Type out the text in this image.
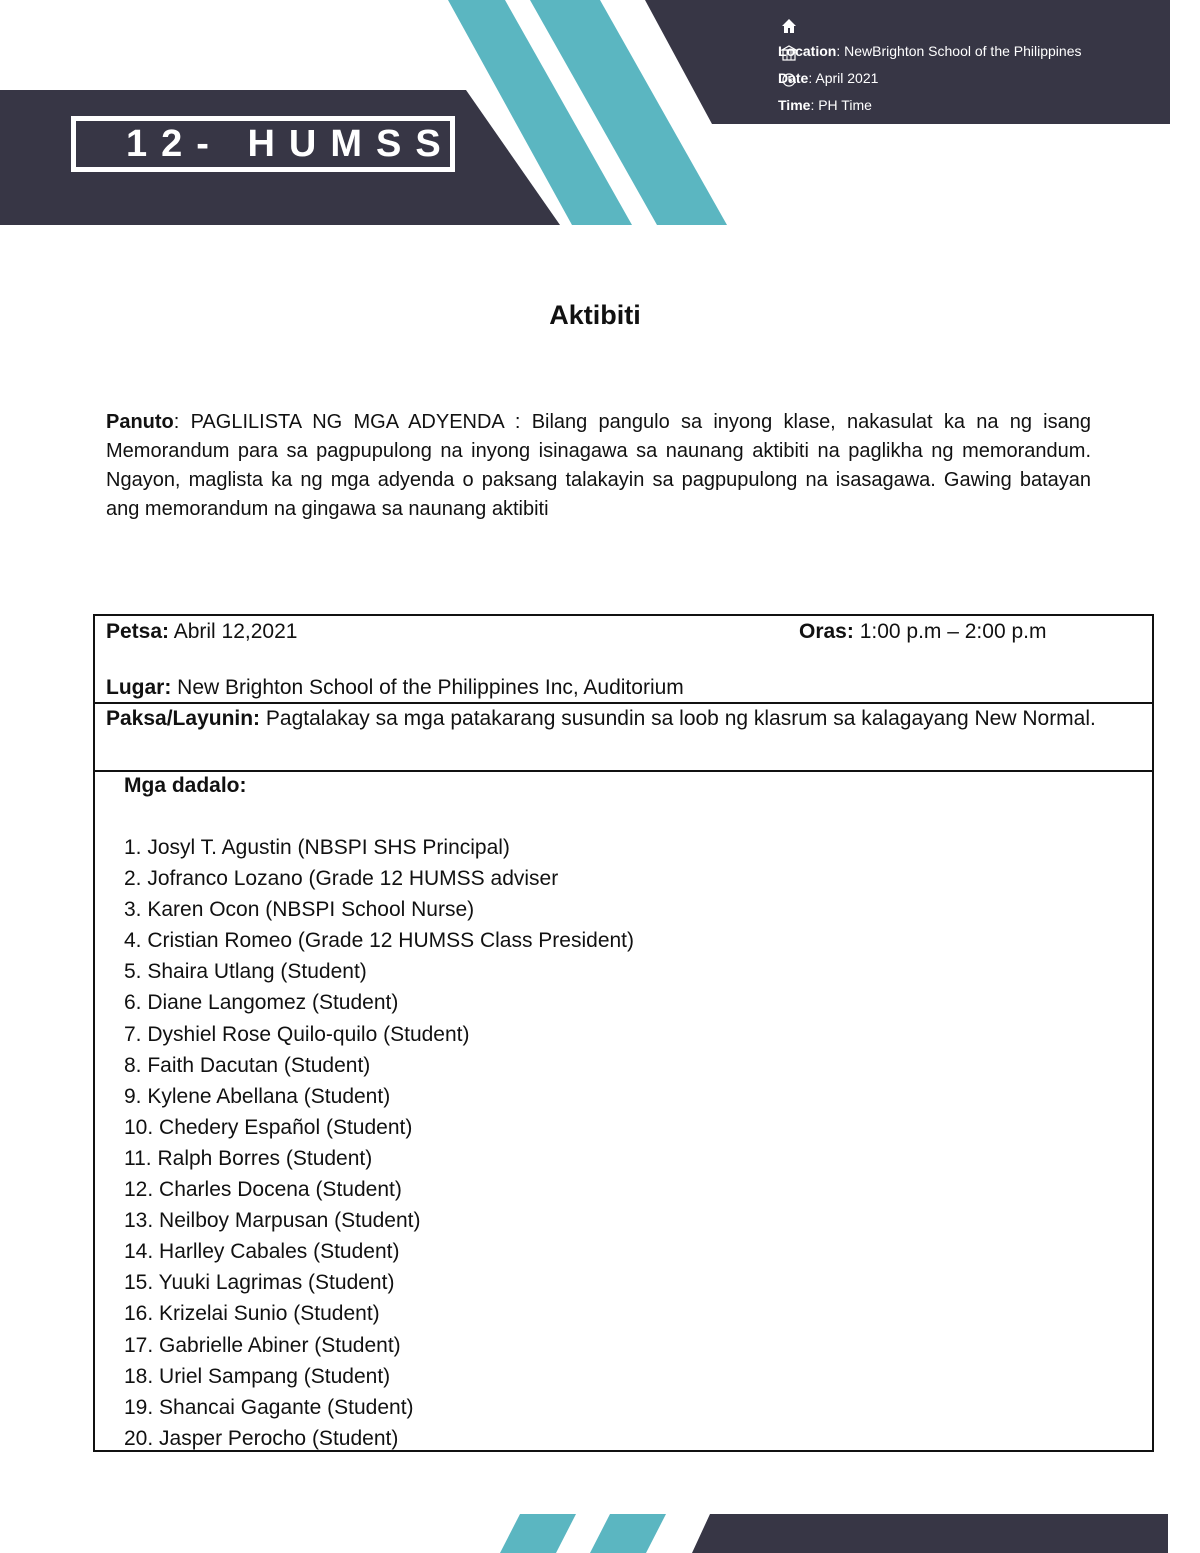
12- HUMSS
Location: NewBrighton School of the Philippines
Date: April 2021
Time: PH Time
Aktibiti
Panuto: PAGLILISTA NG MGA ADYENDA : Bilang pangulo sa inyong klase, nakasulat ka na ng isang Memorandum para sa pagpupulong na inyong isinagawa sa naunang aktibiti na paglikha ng memorandum. Ngayon, maglista ka ng mga adyenda o paksang talakayin sa pagpupulong na isasagawa. Gawing batayan ang memorandum na gingawa sa naunang aktibiti
Petsa: Abril 12,2021	Oras: 1:00 p.m – 2:00 p.m
Lugar: New Brighton School of the Philippines Inc, Auditorium
Paksa/Layunin: Pagtalakay sa mga patakarang susundin sa loob ng klasrum sa kalagayang New Normal.
Mga dadalo:
1. Josyl T. Agustin (NBSPI SHS Principal)
2. Jofranco Lozano (Grade 12 HUMSS adviser
3. Karen Ocon (NBSPI School Nurse)
4. Cristian Romeo (Grade 12 HUMSS Class President)
5. Shaira Utlang (Student)
6. Diane Langomez (Student)
7. Dyshiel Rose Quilo-quilo (Student)
8. Faith Dacutan (Student)
9. Kylene Abellana (Student)
10. Chedery Español (Student)
11. Ralph Borres (Student)
12. Charles Docena (Student)
13. Neilboy Marpusan (Student)
14. Harlley Cabales (Student)
15. Yuuki Lagrimas (Student)
16. Krizelai Sunio (Student)
17. Gabrielle Abiner (Student)
18. Uriel Sampang (Student)
19. Shancai Gagante (Student)
20. Jasper Perocho (Student)
